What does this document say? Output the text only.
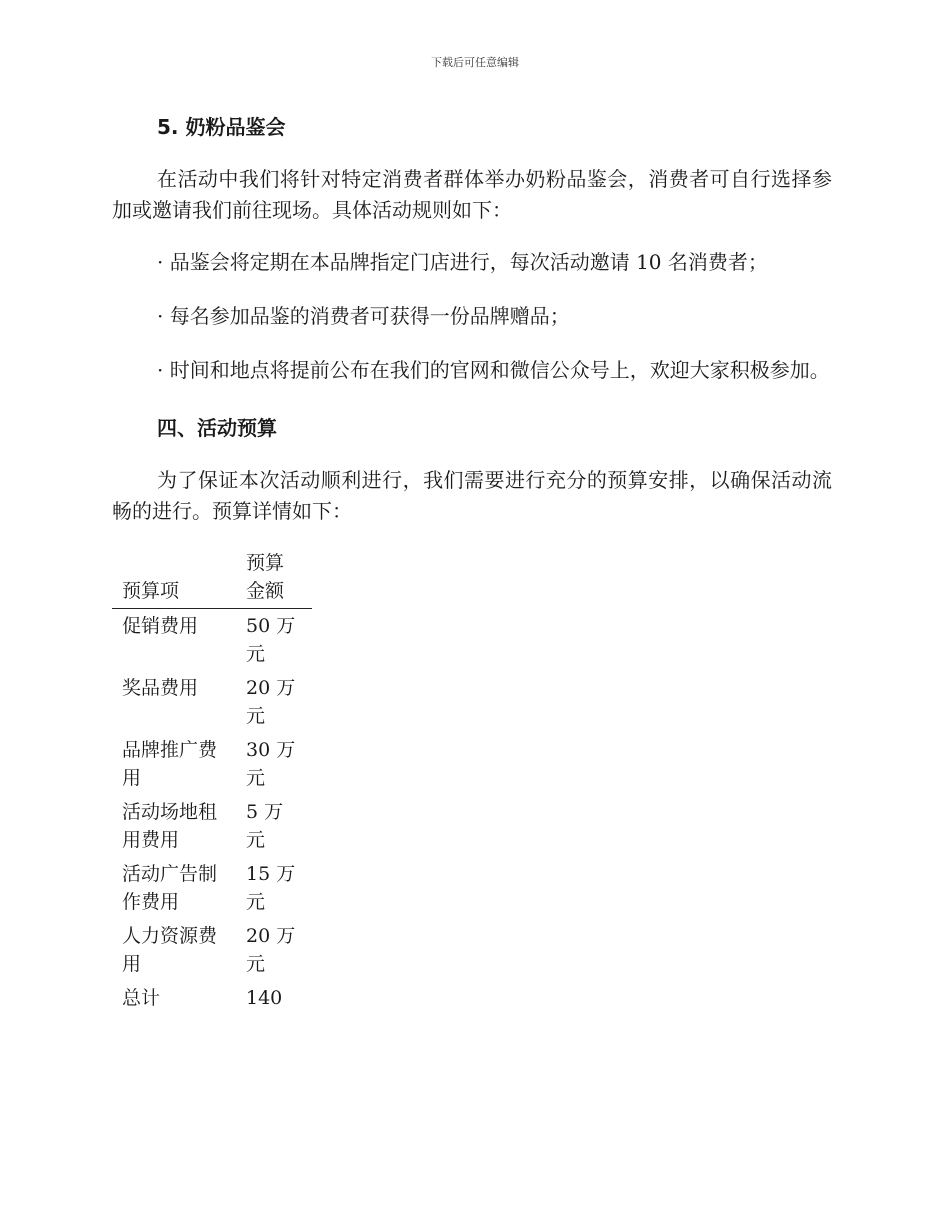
下载后可任意编辑
5. 奶粉品鉴会

在活动中我们将针对特定消费者群体举办奶粉品鉴会，消费者可自行选择参加或邀请我们前往现场。具体活动规则如下：

· 品鉴会将定期在本品牌指定门店进行，每次活动邀请 10 名消费者；

· 每名参加品鉴的消费者可获得一份品牌赠品；

· 时间和地点将提前公布在我们的官网和微信公众号上，欢迎大家积极参加。

四、活动预算

为了保证本次活动顺利进行，我们需要进行充分的预算安排，以确保活动流畅的进行。预算详情如下：

预算项	预算金额
促销费用	50 万元
奖品费用	20 万元
品牌推广费用	30 万元
活动场地租用费用	5 万元
活动广告制作费用	15 万元
人力资源费用	20 万元
总计	140
